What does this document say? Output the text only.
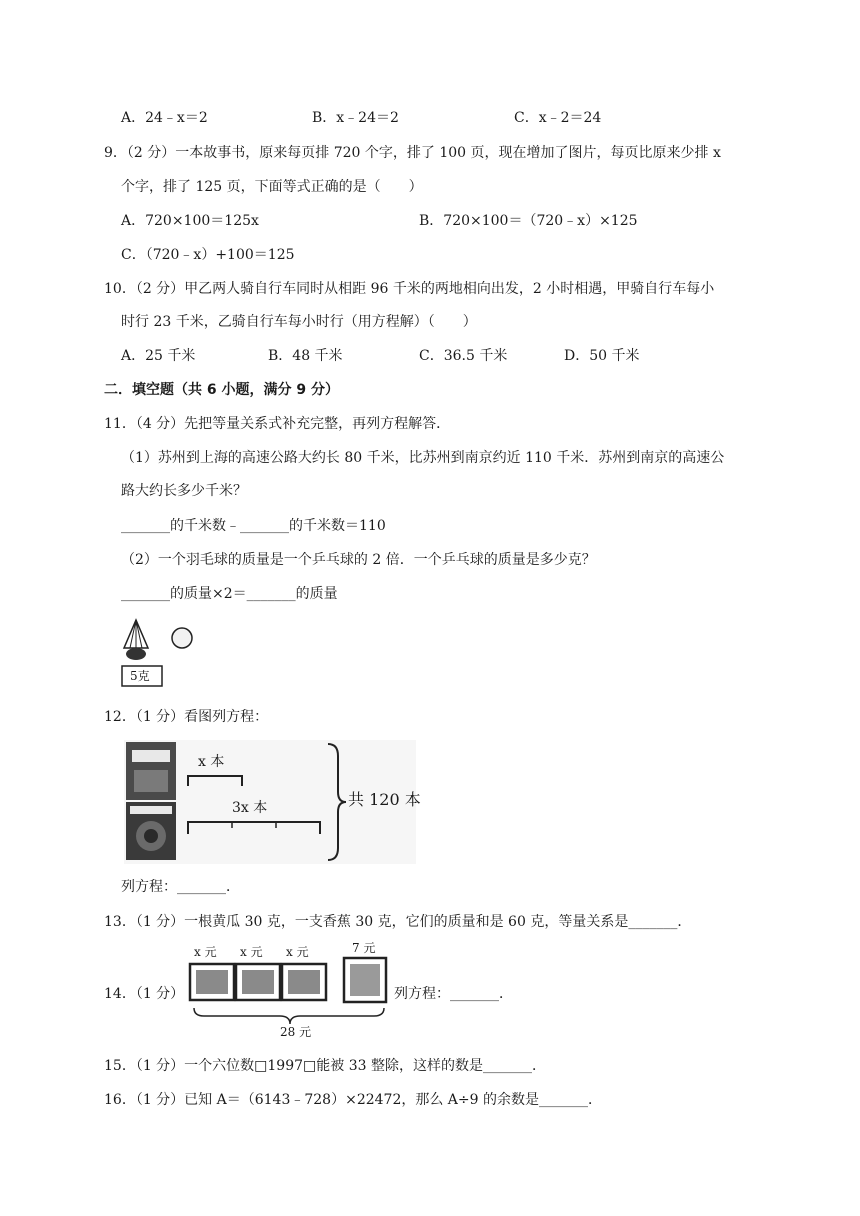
A．24﹣x＝2	B．x﹣24＝2	C．x﹣2＝24
9．（2 分）一本故事书，原来每页排 720 个字，排了 100 页，现在增加了图片，每页比原来少排 x
个字，排了 125 页，下面等式正确的是（　　）
A．720×100＝125x	B．720×100＝（720﹣x）×125
C．（720﹣x）+100＝125
10．（2 分）甲乙两人骑自行车同时从相距 96 千米的两地相向出发，2 小时相遇，甲骑自行车每小
时行 23 千米，乙骑自行车每小时行（用方程解）（　　）
A．25 千米	B．48 千米	C．36.5 千米	D．50 千米
二．填空题（共 6 小题，满分 9 分）
11．（4 分）先把等量关系式补充完整，再列方程解答．
（1）苏州到上海的高速公路大约长 80 千米，比苏州到南京约近 110 千米．苏州到南京的高速公
路大约长多少千米？
_______的千米数﹣_______的千米数＝110
（2）一个羽毛球的质量是一个乒乓球的 2 倍．一个乒乓球的质量是多少克？
_______的质量×2＝_______的质量
5克
12．（1 分）看图列方程：
x 本
3x 本	共 120 本
列方程：_______．
13．（1 分）一根黄瓜 30 克，一支香蕉 30 克，它们的质量和是 60 克，等量关系是_______．
14．（1 分）
x 元 x 元 x 元	7 元
28 元
列方程：_______．
15．（1 分）一个六位数□1997□能被 33 整除，这样的数是_______．
16．（1 分）已知 A＝（6143﹣728）×22472，那么 A÷9 的余数是_______．
